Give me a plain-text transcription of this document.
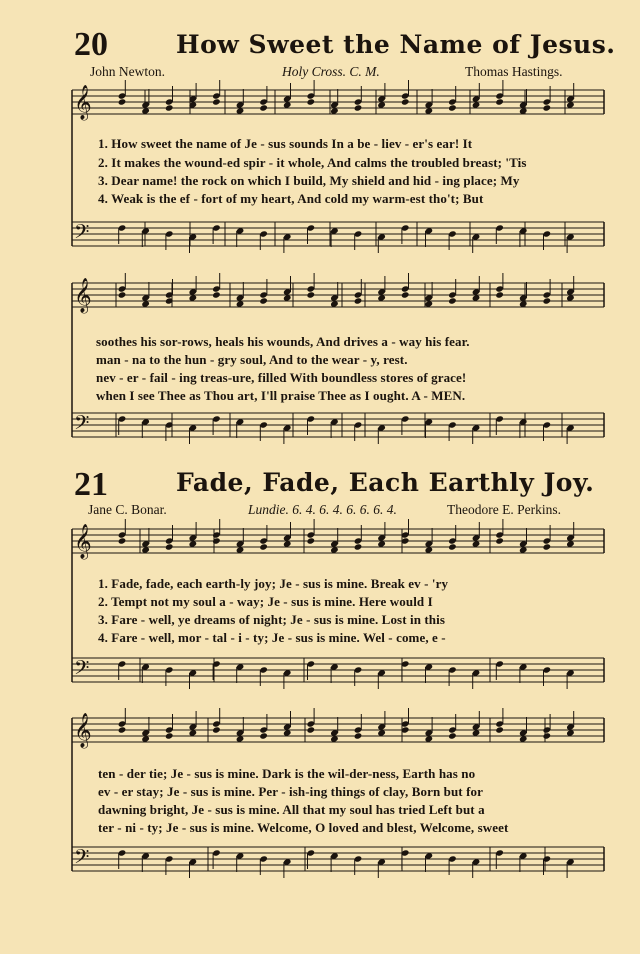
𝄞
𝄢
𝄞
𝄢
𝄞
𝄢
𝄞
𝄢
20	How Sweet the Name of Jesus.
John Newton.	Holy Cross. C. M.	Thomas Hastings.
1. How sweet the name of Je - sus sounds In a be - liev - er's ear! It
2. It makes the wound-ed spir - it whole, And calms the troubled breast; 'Tis
3. Dear name! the rock on which I build, My shield and hid - ing place; My
4. Weak is the ef - fort of my heart, And cold my warm-est tho't; But
soothes his sor-rows, heals his wounds, And drives a - way his fear.
man - na to the hun - gry soul, And to the wear - y, rest.
nev - er - fail - ing treas-ure, filled With boundless stores of grace!
when I see Thee as Thou art, I'll praise Thee as I ought. A - MEN.
21	Fade, Fade, Each Earthly Joy.
Jane C. Bonar.	Lundie. 6. 4. 6. 4. 6. 6. 6. 4.	Theodore E. Perkins.
1. Fade, fade, each earth-ly joy; Je - sus is mine. Break ev - 'ry
2. Tempt not my soul a - way; Je - sus is mine. Here would I
3. Fare - well, ye dreams of night; Je - sus is mine. Lost in this
4. Fare - well, mor - tal - i - ty; Je - sus is mine. Wel - come, e -
ten - der tie; Je - sus is mine. Dark is the wil-der-ness, Earth has no
ev - er stay; Je - sus is mine. Per - ish-ing things of clay, Born but for
dawning bright, Je - sus is mine. All that my soul has tried Left but a
ter - ni - ty; Je - sus is mine. Welcome, O loved and blest, Welcome, sweet
